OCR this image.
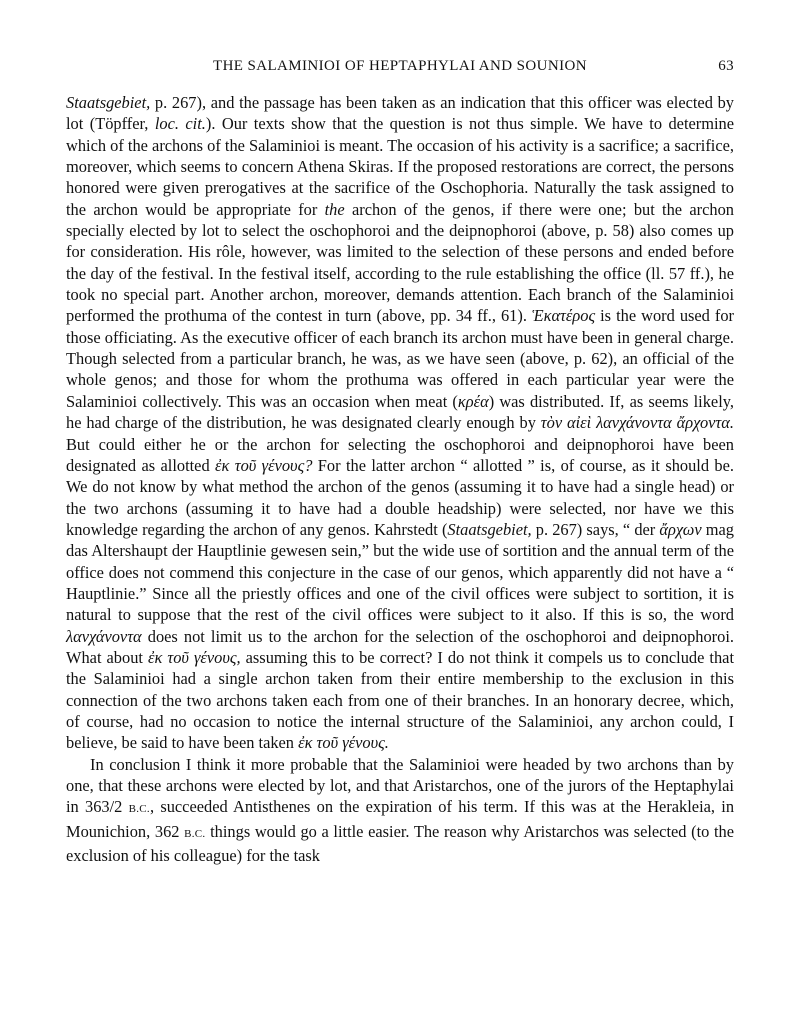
THE SALAMINIOI OF HEPTAPHYLAI AND SOUNION	63

Staatsgebiet, p. 267), and the passage has been taken as an indication that this officer was elected by lot (Töpffer, loc. cit.). Our texts show that the question is not thus simple. We have to determine which of the archons of the Salaminioi is meant. The occasion of his activity is a sacrifice; a sacrifice, moreover, which seems to concern Athena Skiras. If the proposed restorations are correct, the persons honored were given prerogatives at the sacrifice of the Oschophoria. Naturally the task assigned to the archon would be appropriate for the archon of the genos, if there were one; but the archon specially elected by lot to select the oschophoroi and the deipnophoroi (above, p. 58) also comes up for consideration. His rôle, however, was limited to the selection of these persons and ended before the day of the festival. In the festival itself, according to the rule establishing the office (ll. 57 ff.), he took no special part. Another archon, moreover, demands attention. Each branch of the Salaminioi performed the prothuma of the contest in turn (above, pp. 34 ff., 61). Ἑκατέρος is the word used for those officiating. As the executive officer of each branch its archon must have been in general charge. Though selected from a particular branch, he was, as we have seen (above, p. 62), an official of the whole genos; and those for whom the prothuma was offered in each particular year were the Salaminioi collectively. This was an occasion when meat (κρέα) was distributed. If, as seems likely, he had charge of the distribution, he was designated clearly enough by τὸν αἰεὶ λανχάνοντα ἄρχοντα. But could either he or the archon for selecting the oschophoroi and deipnophoroi have been designated as allotted ἐκ τοῦ γένους? For the latter archon “ allotted ” is, of course, as it should be. We do not know by what method the archon of the genos (assuming it to have had a single head) or the two archons (assuming it to have had a double headship) were selected, nor have we this knowledge regarding the archon of any genos. Kahrstedt (Staatsgebiet, p. 267) says, “ der ἄρχων mag das Altershaupt der Hauptlinie gewesen sein,” but the wide use of sortition and the annual term of the office does not commend this conjecture in the case of our genos, which apparently did not have a “ Hauptlinie.” Since all the priestly offices and one of the civil offices were subject to sortition, it is natural to suppose that the rest of the civil offices were subject to it also. If this is so, the word λανχάνοντα does not limit us to the archon for the selection of the oschophoroi and deipnophoroi. What about ἐκ τοῦ γένους, assuming this to be correct? I do not think it compels us to conclude that the Salaminioi had a single archon taken from their entire membership to the exclusion in this connection of the two archons taken each from one of their branches. In an honorary decree, which, of course, had no occasion to notice the internal structure of the Salaminioi, any archon could, I believe, be said to have been taken ἐκ τοῦ γένους.

In conclusion I think it more probable that the Salaminioi were headed by two archons than by one, that these archons were elected by lot, and that Aristarchos, one of the jurors of the Heptaphylai in 363/2 B.C., succeeded Antisthenes on the expiration of his term. If this was at the Herakleia, in Mounichion, 362 B.C. things would go a little easier. The reason why Aristarchos was selected (to the exclusion of his colleague) for the task
